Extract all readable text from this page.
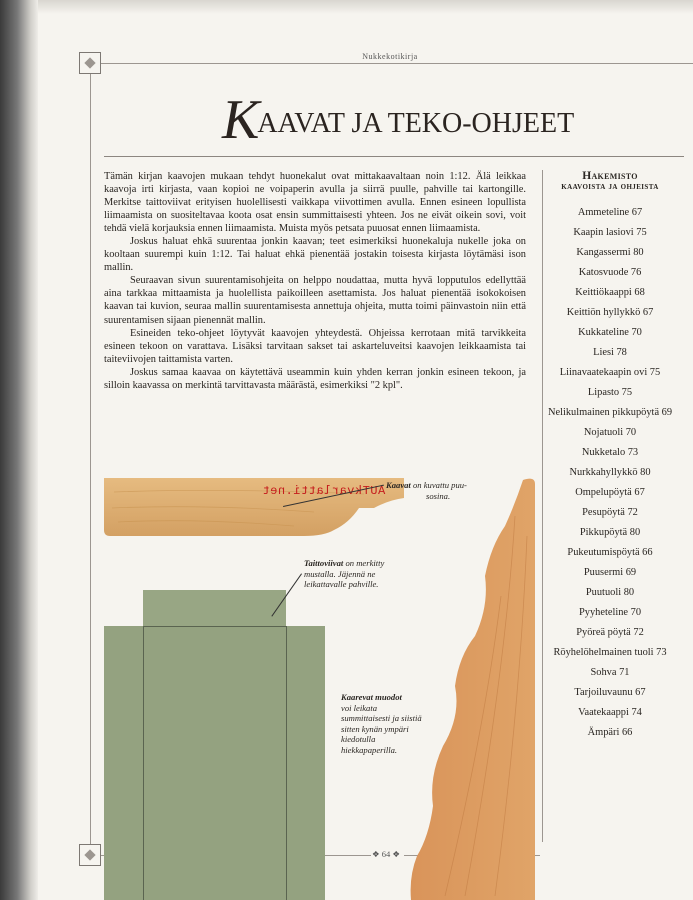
Nukkekotikirja
KAAVAT JA TEKO-OHJEET

Tämän kirjan kaavojen mukaan tehdyt huonekalut ovat mittakaavaltaan noin 1:12. Älä leikkaa kaavoja irti kirjasta, vaan kopioi ne voipaperin avulla ja siirrä puulle, pahville tai kartongille. Merkitse taittoviivat erityisen huolellisesti vaikkapa viivottimen avulla. Ennen esineen lopullista liimaamista on suositeltavaa koota osat ensin summittaisesti yhteen. Jos ne eivät oikein sovi, voit tehdä vielä korjauksia ennen liimaamista. Muista myös petsata puuosat ennen liimaamista.

Joskus haluat ehkä suurentaa jonkin kaavan; teet esimerkiksi huonekaluja nukelle joka on kooltaan suurempi kuin 1:12. Tai haluat ehkä pienentää jostakin toisesta kirjasta löytämäsi ison mallin.

Seuraavan sivun suurentamisohjeita on helppo noudattaa, mutta hyvä lopputulos edellyttää aina tarkkaa mittaamista ja huolellista paikoilleen asettamista. Jos haluat pienentää isokokoisen kaavan tai kuvion, seuraa mallin suurentamisesta annettuja ohjeita, mutta toimi päinvastoin niin että suurentamisen sijaan pienennät mallin.

Esineiden teko-ohjeet löytyvät kaavojen yhteydestä. Ohjeissa kerrotaan mitä tarvikkeita esineen tekoon on varattava. Lisäksi tarvitaan sakset tai askarteluveitsi kaavojen leikkaamista tai taiteviivojen taittamista varten.

Joskus samaa kaavaa on käytettävä useammin kuin yhden kerran jonkin esineen tekoon, ja silloin kaavassa on merkintä tarvittavasta määrästä, esimerkiksi "2 kpl".

Hakemisto
kaavoista ja ohjeista
Ammeteline 67
Kaapin lasiovi 75
Kangassermi 80
Katosvuode 76
Keittiökaappi 68
Keittiön hyllykkö 67
Kukkateline 70
Liesi 78
Liinavaatekaapin ovi 75
Lipasto 75
Nelikulmainen pikkupöytä 69
Nojatuoli 70
Nukketalo 73
Nurkkahyllykkö 80
Ompelupöytä 67
Pesupöytä 72
Pikkupöytä 80
Pukeutumispöytä 66
Puusermi 69
Puutuoli 80
Pyyheteline 70
Pyöreä pöytä 72
Röyhelöhelmainen tuoli 73
Sohva 71
Tarjoiluvaunu 67
Vaatekaappi 74
Ämpäri 66
AUTkvarlatti.net Kaavat on kuvattu puu-
sosina.
Taittoviivat on merkitty mustalla. Jäjennä ne leikattavalle pahville.
Kaarevat muodot
voi leikata summittaisesti ja siistiä sitten kynän ympäri kiedotulla hiekkapaperilla.
❖ 64 ❖
